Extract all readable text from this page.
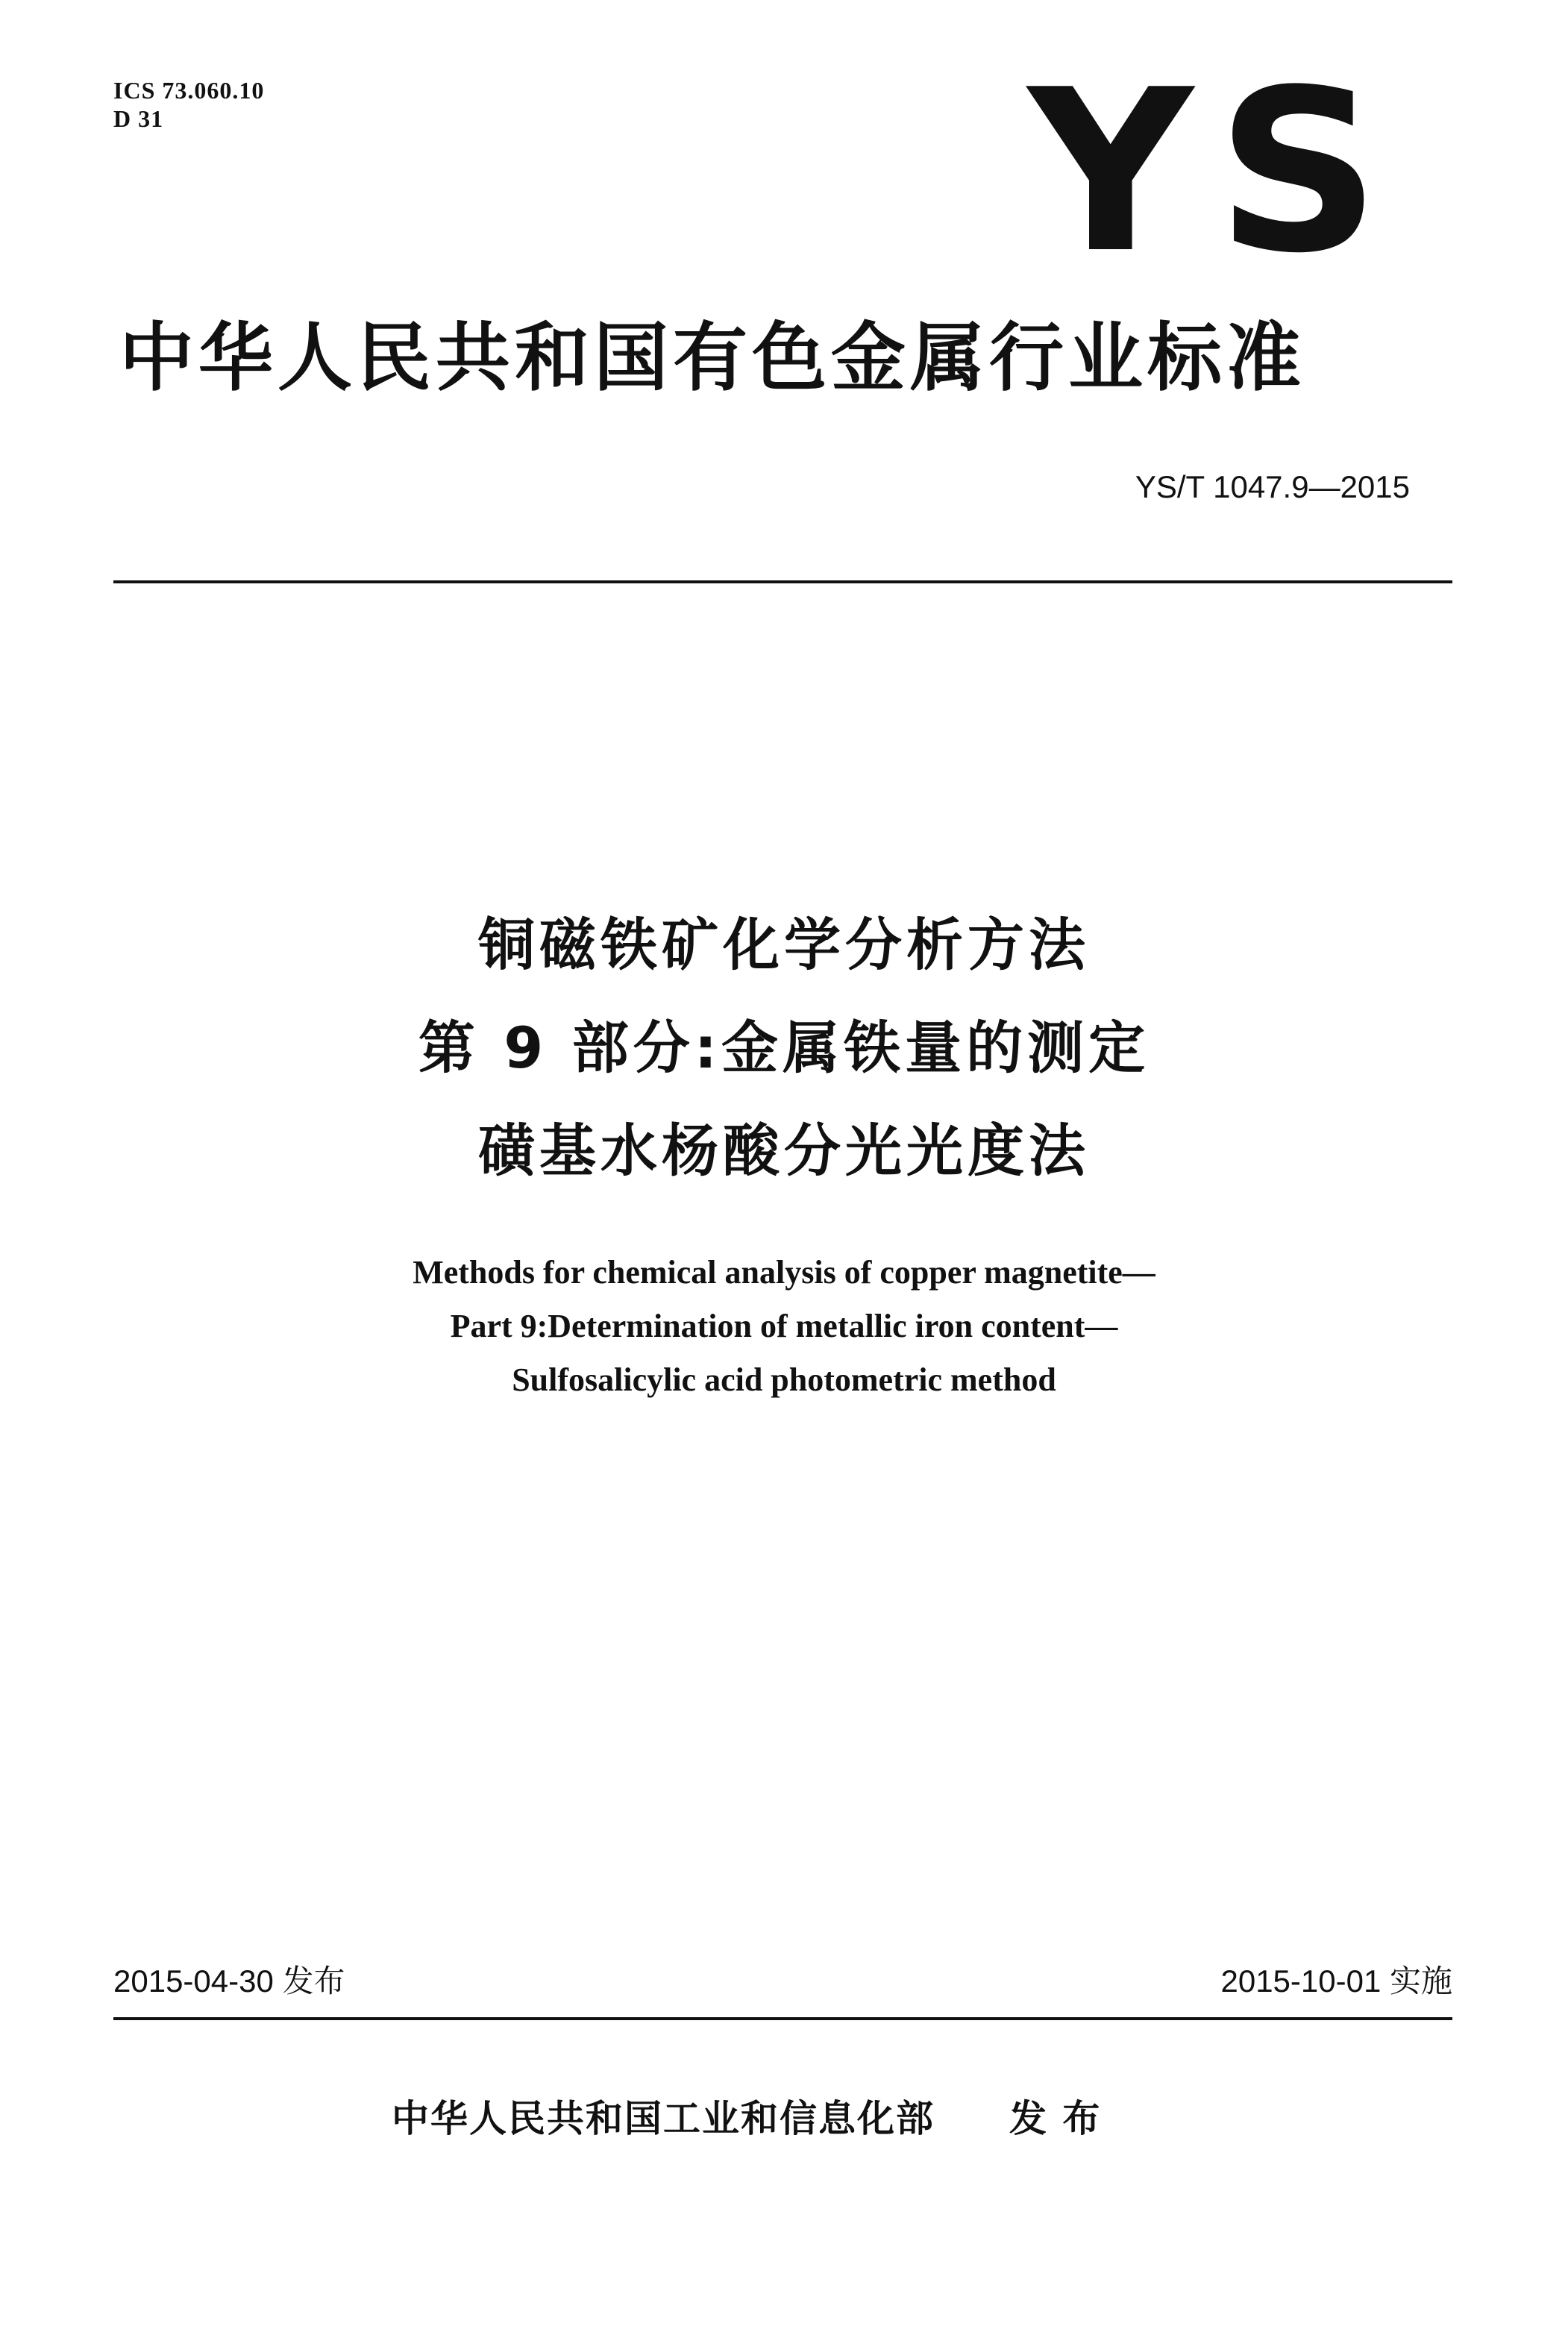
ICS 73.060.10
D 31	YS
中华人民共和国有色金属行业标准
YS/T 1047.9—2015
铜磁铁矿化学分析方法
第 9 部分:金属铁量的测定
磺基水杨酸分光光度法
Methods for chemical analysis of copper magnetite—
Part 9:Determination of metallic iron content—
Sulfosalicylic acid photometric method
2015-04-30 发布	2015-10-01 实施
中华人民共和国工业和信息化部 发 布
